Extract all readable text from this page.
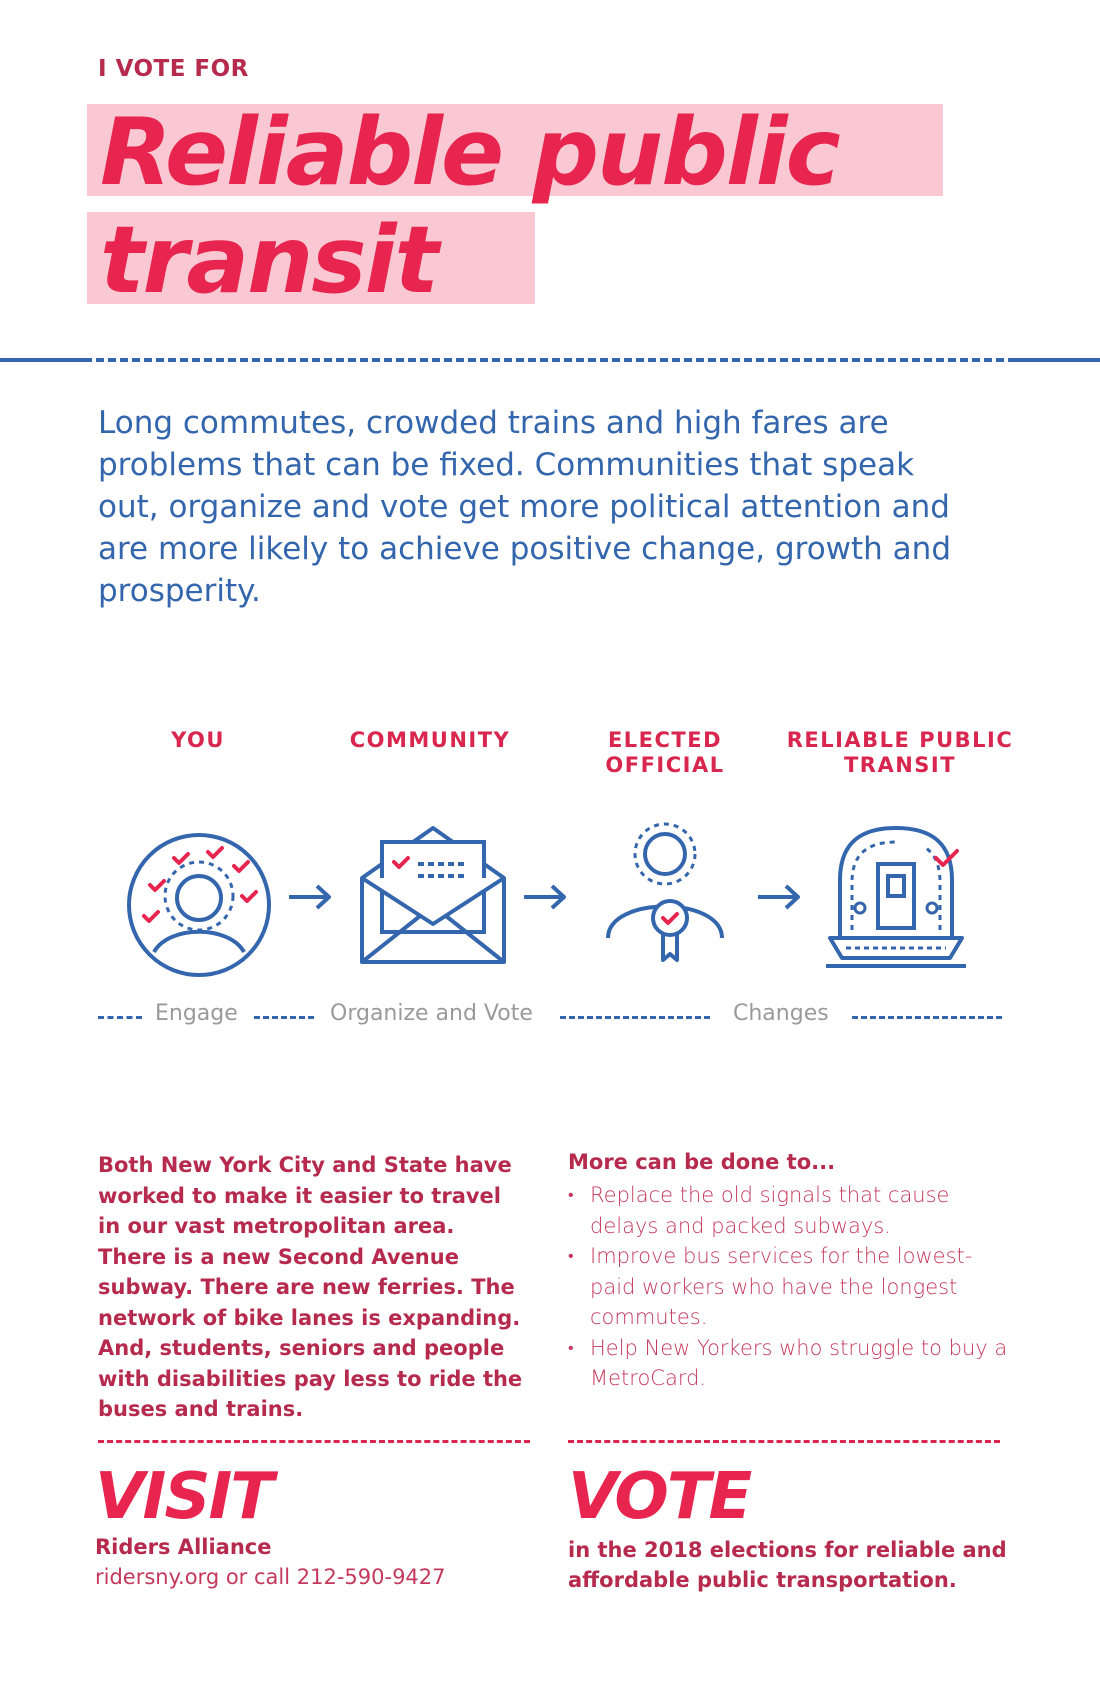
I VOTE FOR
Reliable public
transit
Long commutes, crowded trains and high fares are problems that can be fixed. Communities that speak out, organize and vote get more political attention and are more likely to achieve positive change, growth and prosperity.
YOU	COMMUNITY	ELECTED OFFICIAL
RELIABLE PUBLIC TRANSIT
Engage	Organize and Vote	Changes
Both New York City and State have worked to make it easier to travel in our vast metropolitan area. There is a new Second Avenue subway. There are new ferries. The network of bike lanes is expanding. And, students, seniors and people with disabilities pay less to ride the buses and trains.
More can be done to...
• Replace the old signals that cause delays and packed subways.
• Improve bus services for the lowest-paid workers who have the longest commutes.
• Help New Yorkers who struggle to buy a MetroCard.
VISIT
Riders Alliance
ridersny.org or call 212-590-9427
VOTE
in the 2018 elections for reliable and affordable public transportation.
